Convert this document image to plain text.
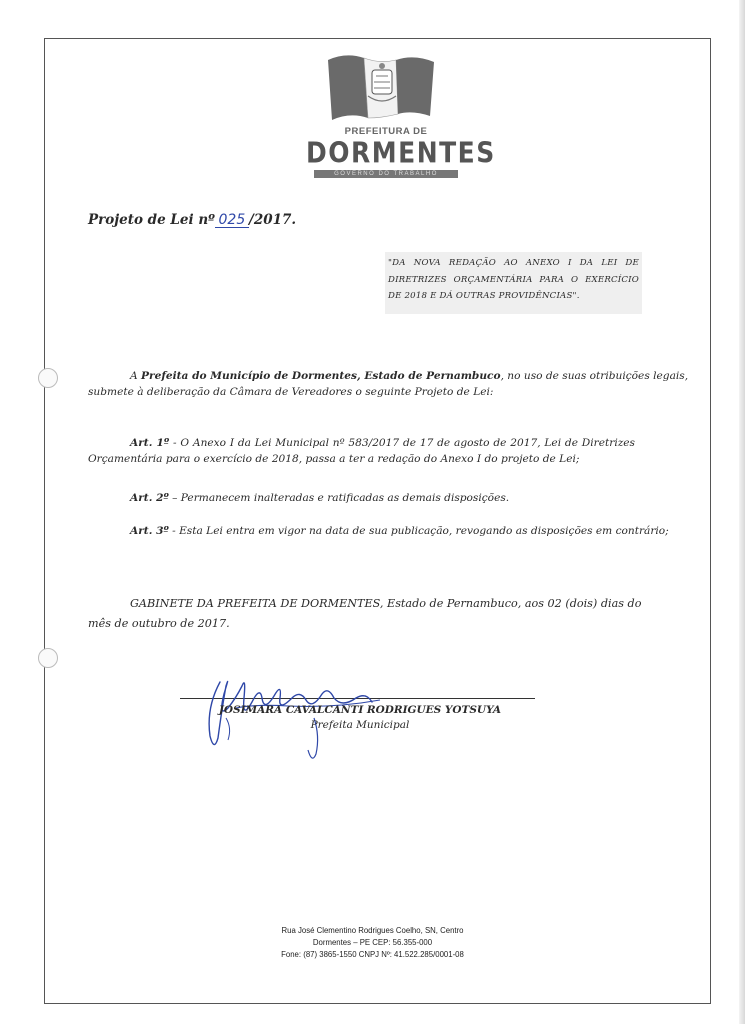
PREFEITURA DE
DORMENTES
GOVERNO DO TRABALHO
Projeto de Lei nº 025 /2017.
"DA NOVA REDAÇÃO AO ANEXO I DA LEI DE
DIRETRIZES ORÇAMENTÁRIA PARA O EXERCÍCIO
DE 2018 E DÁ OUTRAS PROVIDÊNCIAS".
A Prefeita do Município de Dormentes, Estado de Pernambuco, no uso de suas otribuições legais,
submete à deliberação da Câmara de Vereadores o seguinte Projeto de Lei:
Art. 1º - O Anexo I da Lei Municipal nº 583/2017 de 17 de agosto de 2017, Lei de Diretrizes
Orçamentária para o exercício de 2018, passa a ter a redação do Anexo I do projeto de Lei;
Art. 2º – Permanecem inalteradas e ratificadas as demais disposições.
Art. 3º - Esta Lei entra em vigor na data de sua publicação, revogando as disposições em contrário;
GABINETE DA PREFEITA DE DORMENTES, Estado de Pernambuco, aos 02 (dois) dias do
mês de outubro de 2017.
JOSIMARA CAVALCANTI RODRIGUES YOTSUYA
Prefeita Municipal
Rua José Clementino Rodrigues Coelho, SN, Centro
Dormentes – PE CEP: 56.355-000
Fone: (87) 3865-1550 CNPJ Nº: 41.522.285/0001-08
